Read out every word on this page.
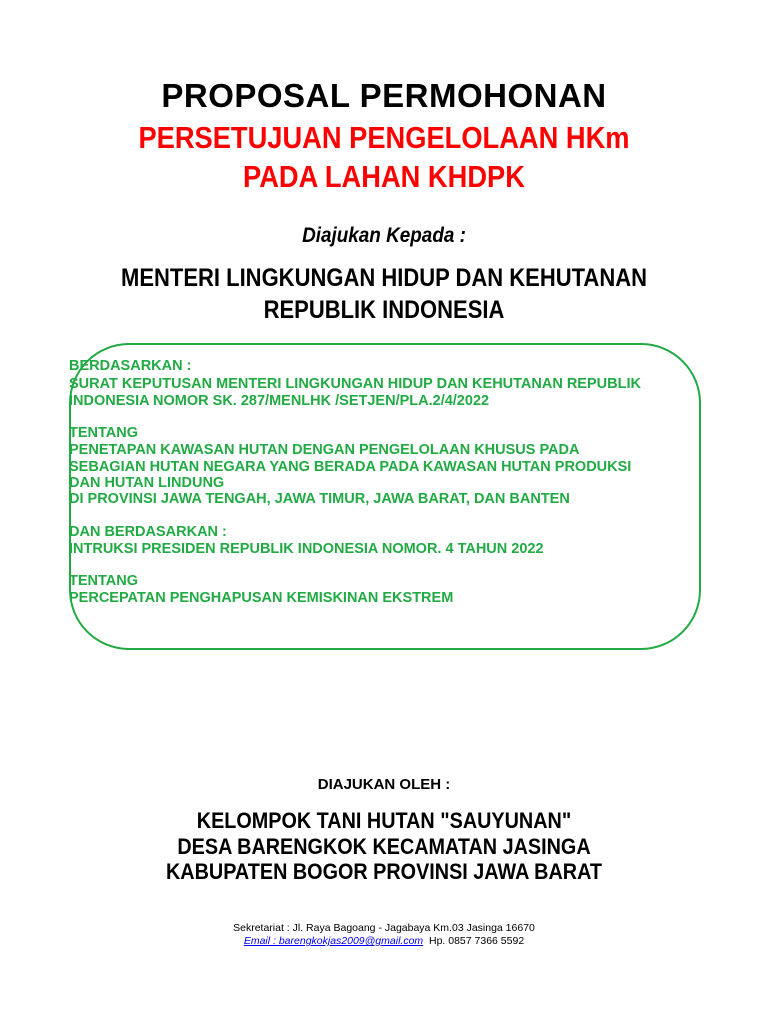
PROPOSAL PERMOHONAN
PERSETUJUAN PENGELOLAAN HKm
PADA LAHAN KHDPK
Diajukan Kepada :
MENTERI LINGKUNGAN HIDUP DAN KEHUTANAN
REPUBLIK INDONESIA
BERDASARKAN :
SURAT KEPUTUSAN MENTERI LINGKUNGAN HIDUP DAN KEHUTANAN REPUBLIK
INDONESIA NOMOR SK. 287/MENLHK /SETJEN/PLA.2/4/2022
TENTANG
PENETAPAN KAWASAN HUTAN DENGAN PENGELOLAAN KHUSUS PADA
SEBAGIAN HUTAN NEGARA YANG BERADA PADA KAWASAN HUTAN PRODUKSI
DAN HUTAN LINDUNG
DI PROVINSI JAWA TENGAH, JAWA TIMUR, JAWA BARAT, DAN BANTEN
DAN BERDASARKAN :
INTRUKSI PRESIDEN REPUBLIK INDONESIA NOMOR. 4 TAHUN 2022
TENTANG
PERCEPATAN PENGHAPUSAN KEMISKINAN EKSTREM
DIAJUKAN OLEH :
KELOMPOK TANI HUTAN "SAUYUNAN"
DESA BARENGKOK KECAMATAN JASINGA
KABUPATEN BOGOR PROVINSI JAWA BARAT
Sekretariat : Jl. Raya Bagoang - Jagabaya Km.03 Jasinga 16670
Email : barengkokjas2009@gmail.com Hp. 0857 7366 5592
